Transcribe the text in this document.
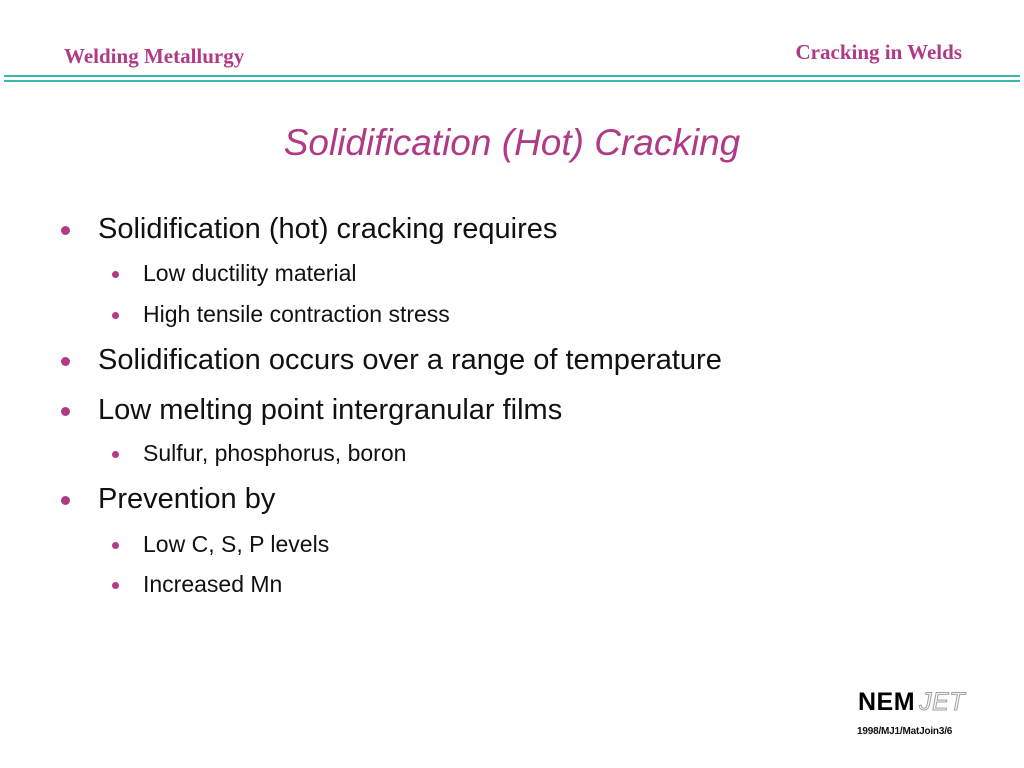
Welding Metallurgy	Cracking in Welds
Solidification (Hot) Cracking
Solidification (hot) cracking requires
Low ductility material
High tensile contraction stress
Solidification occurs over a range of temperature
Low melting point intergranular films
Sulfur, phosphorus, boron
Prevention by
Low C, S, P levels
Increased Mn
NEM JET
1998/MJ1/MatJoin3/6
